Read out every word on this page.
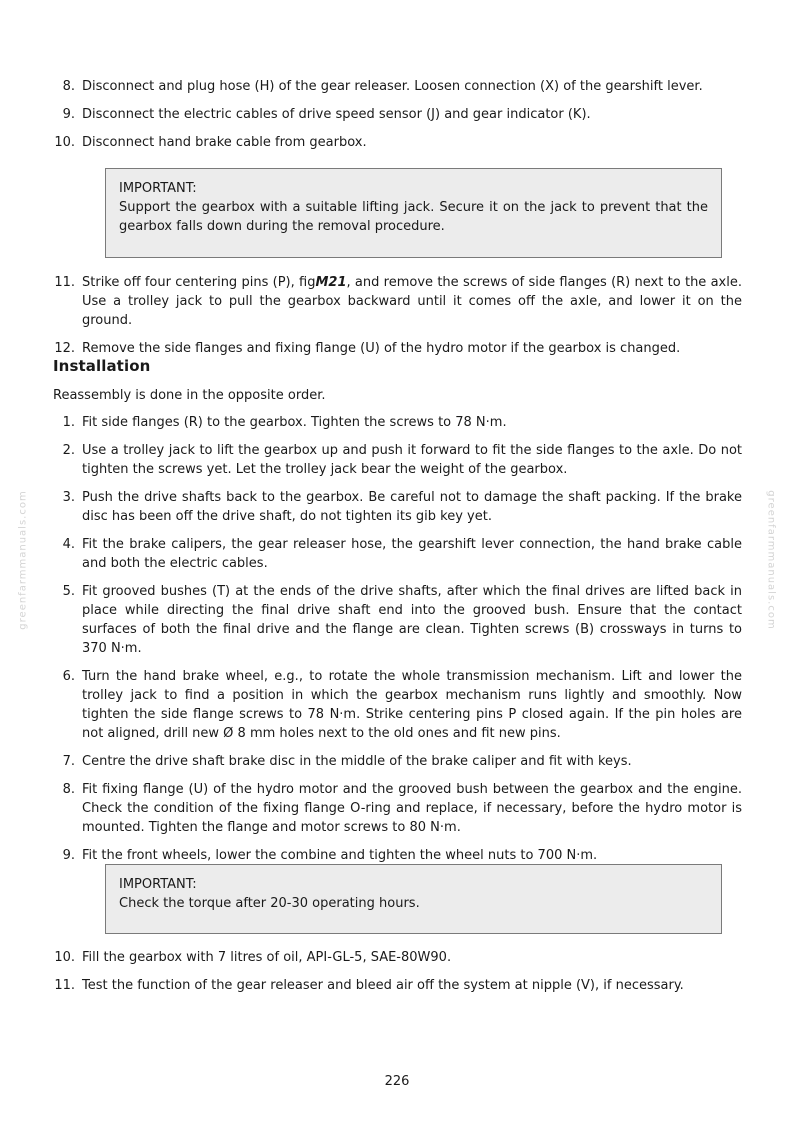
8. Disconnect and plug hose (H) of the gear releaser. Loosen connection (X) of the gearshift lever.
9. Disconnect the electric cables of drive speed sensor (J) and gear indicator (K).
10. Disconnect hand brake cable from gearbox.
IMPORTANT:
Support the gearbox with a suitable lifting jack. Secure it on the jack to prevent that the gearbox falls down during the removal procedure.
11. Strike off four centering pins (P), figM21, and remove the screws of side flanges (R) next to the axle. Use a trolley jack to pull the gearbox backward until it comes off the axle, and lower it on the ground.
12. Remove the side flanges and fixing flange (U) of the hydro motor if the gearbox is changed.
Installation

Reassembly is done in the opposite order.

1. Fit side flanges (R) to the gearbox. Tighten the screws to 78 N·m.
2. Use a trolley jack to lift the gearbox up and push it forward to fit the side flanges to the axle. Do not tighten the screws yet. Let the trolley jack bear the weight of the gearbox.
3. Push the drive shafts back to the gearbox. Be careful not to damage the shaft packing. If the brake disc has been off the drive shaft, do not tighten its gib key yet.
4. Fit the brake calipers, the gear releaser hose, the gearshift lever connection, the hand brake cable and both the electric cables.
5. Fit grooved bushes (T) at the ends of the drive shafts, after which the final drives are lifted back in place while directing the final drive shaft end into the grooved bush. Ensure that the contact surfaces of both the final drive and the flange are clean. Tighten screws (B) crossways in turns to 370 N·m.
6. Turn the hand brake wheel, e.g., to rotate the whole transmission mechanism. Lift and lower the trolley jack to find a position in which the gearbox mechanism runs lightly and smoothly. Now tighten the side flange screws to 78 N·m. Strike centering pins P closed again. If the pin holes are not aligned, drill new Ø 8 mm holes next to the old ones and fit new pins.
7. Centre the drive shaft brake disc in the middle of the brake caliper and fit with keys.
8. Fit fixing flange (U) of the hydro motor and the grooved bush between the gearbox and the engine. Check the condition of the fixing flange O-ring and replace, if necessary, before the hydro motor is mounted. Tighten the flange and motor screws to 80 N·m.
9. Fit the front wheels, lower the combine and tighten the wheel nuts to 700 N·m.
IMPORTANT:
Check the torque after 20-30 operating hours.
10. Fill the gearbox with 7 litres of oil, API-GL-5, SAE-80W90.
11. Test the function of the gear releaser and bleed air off the system at nipple (V), if necessary.
greenfarmmanuals.com	greenfarmmanuals.com
226
